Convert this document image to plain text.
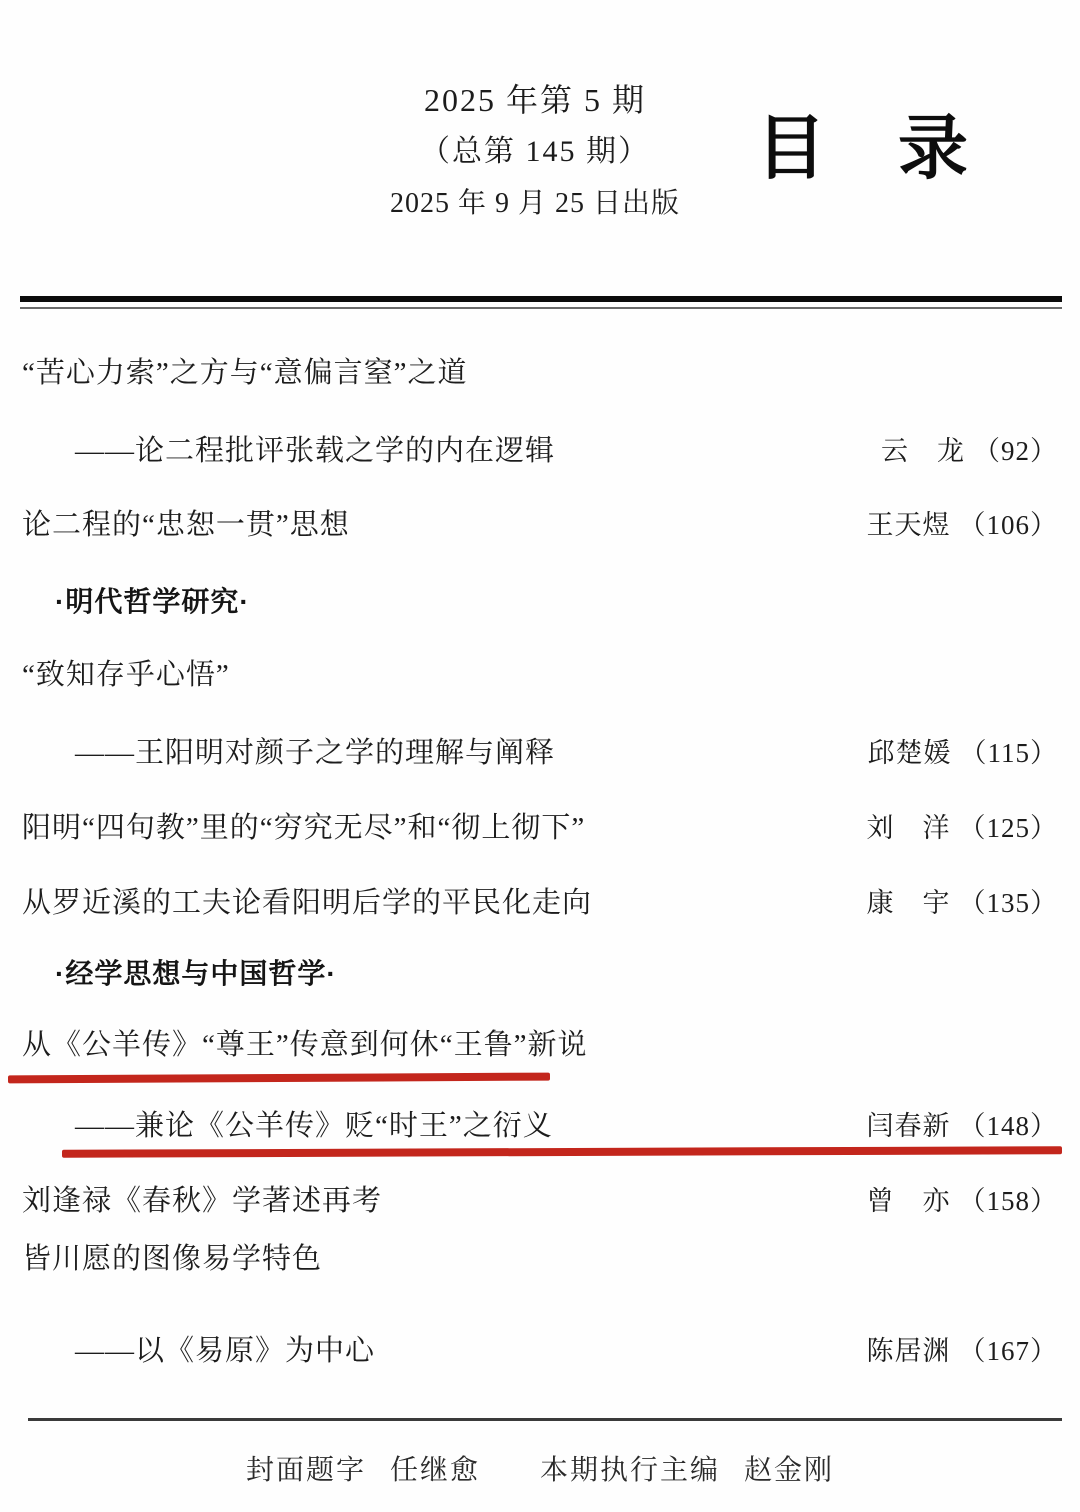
2025 年第 5 期
（总第 145 期）
2025 年 9 月 25 日出版
目 录
“苦心力索”之方与“意偏言窒”之道
——论二程批评张载之学的内在逻辑	云　龙 （92）
论二程的“忠恕一贯”思想	王天煜 （106）
·明代哲学研究·
“致知存乎心悟”
——王阳明对颜子之学的理解与阐释	邱楚媛 （115）
阳明“四句教”里的“穷究无尽”和“彻上彻下”	刘　洋 （125）
从罗近溪的工夫论看阳明后学的平民化走向	康　宇 （135）
·经学思想与中国哲学·
从《公羊传》“尊王”传意到何休“王鲁”新说
——兼论《公羊传》贬“时王”之衍义	闫春新 （148）
刘逢禄《春秋》学著述再考	曾　亦 （158）
皆川愿的图像易学特色
——以《易原》为中心	陈居渊 （167）
封面题字 任继愈 本期执行主编 赵金刚
